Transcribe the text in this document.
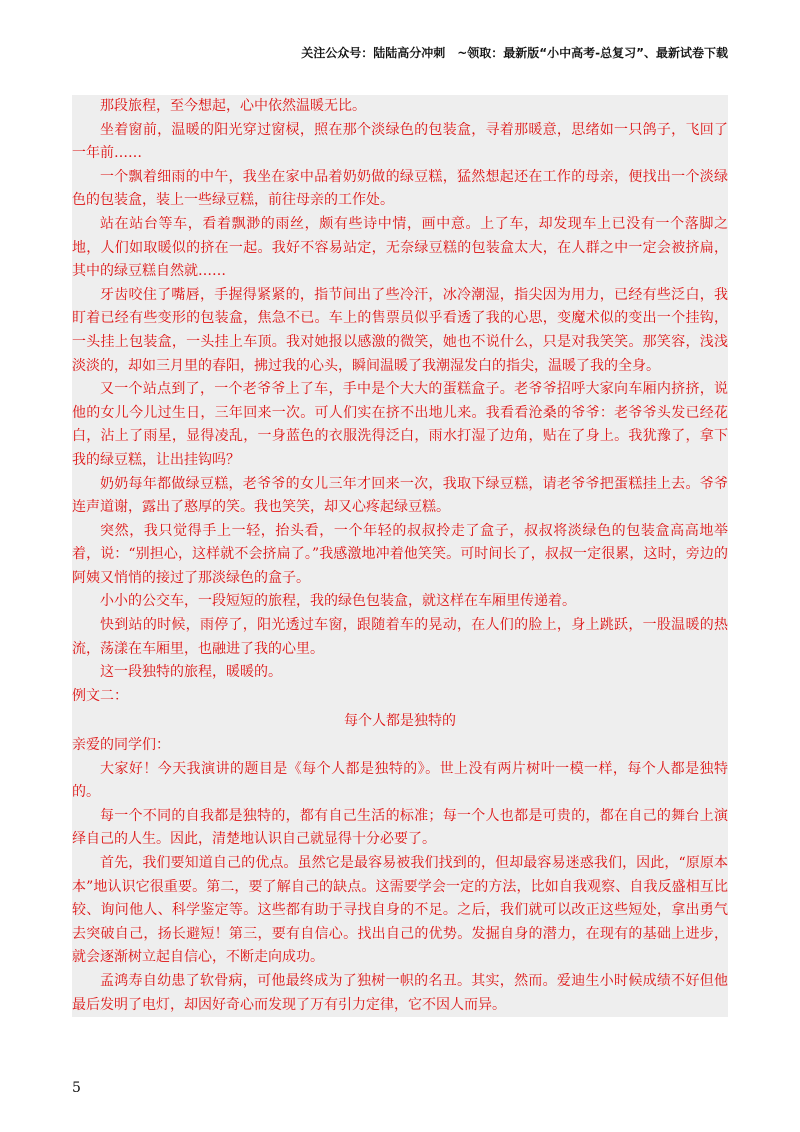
关注公众号：陆陆高分冲刺　~领取：最新版“小中高考-总复习”、最新试卷下载

那段旅程，至今想起，心中依然温暖无比。

坐着窗前，温暖的阳光穿过窗棂，照在那个淡绿色的包装盒，寻着那暖意，思绪如一只鸽子，飞回了一年前……

一个飘着细雨的中午，我坐在家中品着奶奶做的绿豆糕，猛然想起还在工作的母亲，便找出一个淡绿色的包装盒，装上一些绿豆糕，前往母亲的工作处。

站在站台等车，看着飘渺的雨丝，颇有些诗中情，画中意。上了车，却发现车上已没有一个落脚之地，人们如取暖似的挤在一起。我好不容易站定，无奈绿豆糕的包装盒太大，在人群之中一定会被挤扁，其中的绿豆糕自然就……

牙齿咬住了嘴唇，手握得紧紧的，指节间出了些冷汗，冰冷潮湿，指尖因为用力，已经有些泛白，我盯着已经有些变形的包装盒，焦急不已。车上的售票员似乎看透了我的心思，变魔术似的变出一个挂钩，一头挂上包装盒，一头挂上车顶。我对她报以感激的微笑，她也不说什么，只是对我笑笑。那笑容，浅浅淡淡的，却如三月里的春阳，拂过我的心头，瞬间温暖了我潮湿发白的指尖，温暖了我的全身。

又一个站点到了，一个老爷爷上了车，手中是个大大的蛋糕盒子。老爷爷招呼大家向车厢内挤挤，说他的女儿今儿过生日，三年回来一次。可人们实在挤不出地儿来。我看看沧桑的爷爷：老爷爷头发已经花白，沾上了雨星，显得凌乱，一身蓝色的衣服洗得泛白，雨水打湿了边角，贴在了身上。我犹豫了，拿下我的绿豆糕，让出挂钩吗？

奶奶每年都做绿豆糕，老爷爷的女儿三年才回来一次，我取下绿豆糕，请老爷爷把蛋糕挂上去。爷爷连声道谢，露出了憨厚的笑。我也笑笑，却又心疼起绿豆糕。

突然，我只觉得手上一轻，抬头看，一个年轻的叔叔拎走了盒子，叔叔将淡绿色的包装盒高高地举着，说：“别担心，这样就不会挤扁了。”我感激地冲着他笑笑。可时间长了，叔叔一定很累，这时，旁边的阿姨又悄悄的接过了那淡绿色的盒子。

小小的公交车，一段短短的旅程，我的绿色包装盒，就这样在车厢里传递着。

快到站的时候，雨停了，阳光透过车窗，跟随着车的晃动，在人们的脸上，身上跳跃，一股温暖的热流，荡漾在车厢里，也融进了我的心里。

这一段独特的旅程，暖暖的。

例文二：

每个人都是独特的

亲爱的同学们：

大家好！今天我演讲的题目是《每个人都是独特的》。世上没有两片树叶一模一样，每个人都是独特的。

每一个不同的自我都是独特的，都有自己生活的标准；每一个人也都是可贵的，都在自己的舞台上演绎自己的人生。因此，清楚地认识自己就显得十分必要了。

首先，我们要知道自己的优点。虽然它是最容易被我们找到的，但却最容易迷惑我们，因此，“原原本本”地认识它很重要。第二，要了解自己的缺点。这需要学会一定的方法，比如自我观察、自我反盛相互比较、询问他人、科学鉴定等。这些都有助于寻找自身的不足。之后，我们就可以改正这些短处，拿出勇气去突破自己，扬长避短！第三，要有自信心。找出自己的优势。发掘自身的潜力，在现有的基础上进步，就会逐渐树立起自信心，不断走向成功。

孟鸿寿自幼患了软骨病，可他最终成为了独树一帜的名丑。其实，然而。爱迪生小时候成绩不好但他最后发明了电灯，却因好奇心而发现了万有引力定律，它不因人而异。

5
